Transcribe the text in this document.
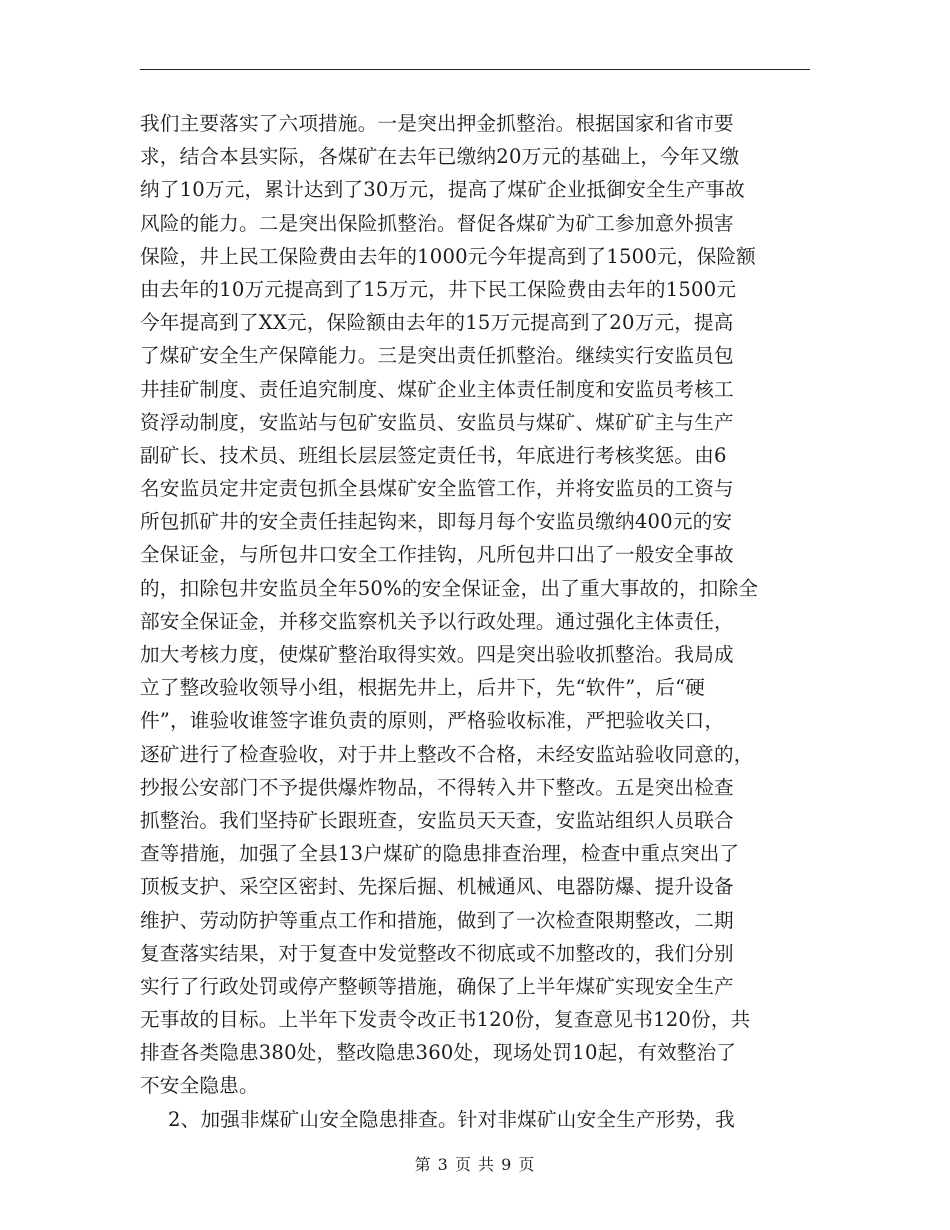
我们主要落实了六项措施。一是突出押金抓整治。根据国家和省市要
求，结合本县实际，各煤矿在去年已缴纳20万元的基础上，今年又缴
纳了10万元，累计达到了30万元，提高了煤矿企业抵御安全生产事故
风险的能力。二是突出保险抓整治。督促各煤矿为矿工参加意外损害
保险，井上民工保险费由去年的1000元今年提高到了1500元，保险额
由去年的10万元提高到了15万元，井下民工保险费由去年的1500元
今年提高到了XX元，保险额由去年的15万元提高到了20万元，提高
了煤矿安全生产保障能力。三是突出责任抓整治。继续实行安监员包
井挂矿制度、责任追究制度、煤矿企业主体责任制度和安监员考核工
资浮动制度，安监站与包矿安监员、安监员与煤矿、煤矿矿主与生产
副矿长、技术员、班组长层层签定责任书，年底进行考核奖惩。由6
名安监员定井定责包抓全县煤矿安全监管工作，并将安监员的工资与
所包抓矿井的安全责任挂起钩来，即每月每个安监员缴纳400元的安
全保证金，与所包井口安全工作挂钩，凡所包井口出了一般安全事故
的，扣除包井安监员全年50%的安全保证金，出了重大事故的，扣除全
部安全保证金，并移交监察机关予以行政处理。通过强化主体责任，
加大考核力度，使煤矿整治取得实效。四是突出验收抓整治。我局成
立了整改验收领导小组，根据先井上，后井下，先“软件”，后“硬
件”，谁验收谁签字谁负责的原则，严格验收标准，严把验收关口，
逐矿进行了检查验收，对于井上整改不合格，未经安监站验收同意的，
抄报公安部门不予提供爆炸物品，不得转入井下整改。五是突出检查
抓整治。我们坚持矿长跟班查，安监员天天查，安监站组织人员联合
查等措施，加强了全县13户煤矿的隐患排查治理，检查中重点突出了
顶板支护、采空区密封、先探后掘、机械通风、电器防爆、提升设备
维护、劳动防护等重点工作和措施，做到了一次检查限期整改，二期
复查落实结果，对于复查中发觉整改不彻底或不加整改的，我们分别
实行了行政处罚或停产整顿等措施，确保了上半年煤矿实现安全生产
无事故的目标。上半年下发责令改正书120份，复查意见书120份，共
排查各类隐患380处，整改隐患360处，现场处罚10起，有效整治了
不安全隐患。
2、加强非煤矿山安全隐患排查。针对非煤矿山安全生产形势，我
第 3 页 共 9 页
